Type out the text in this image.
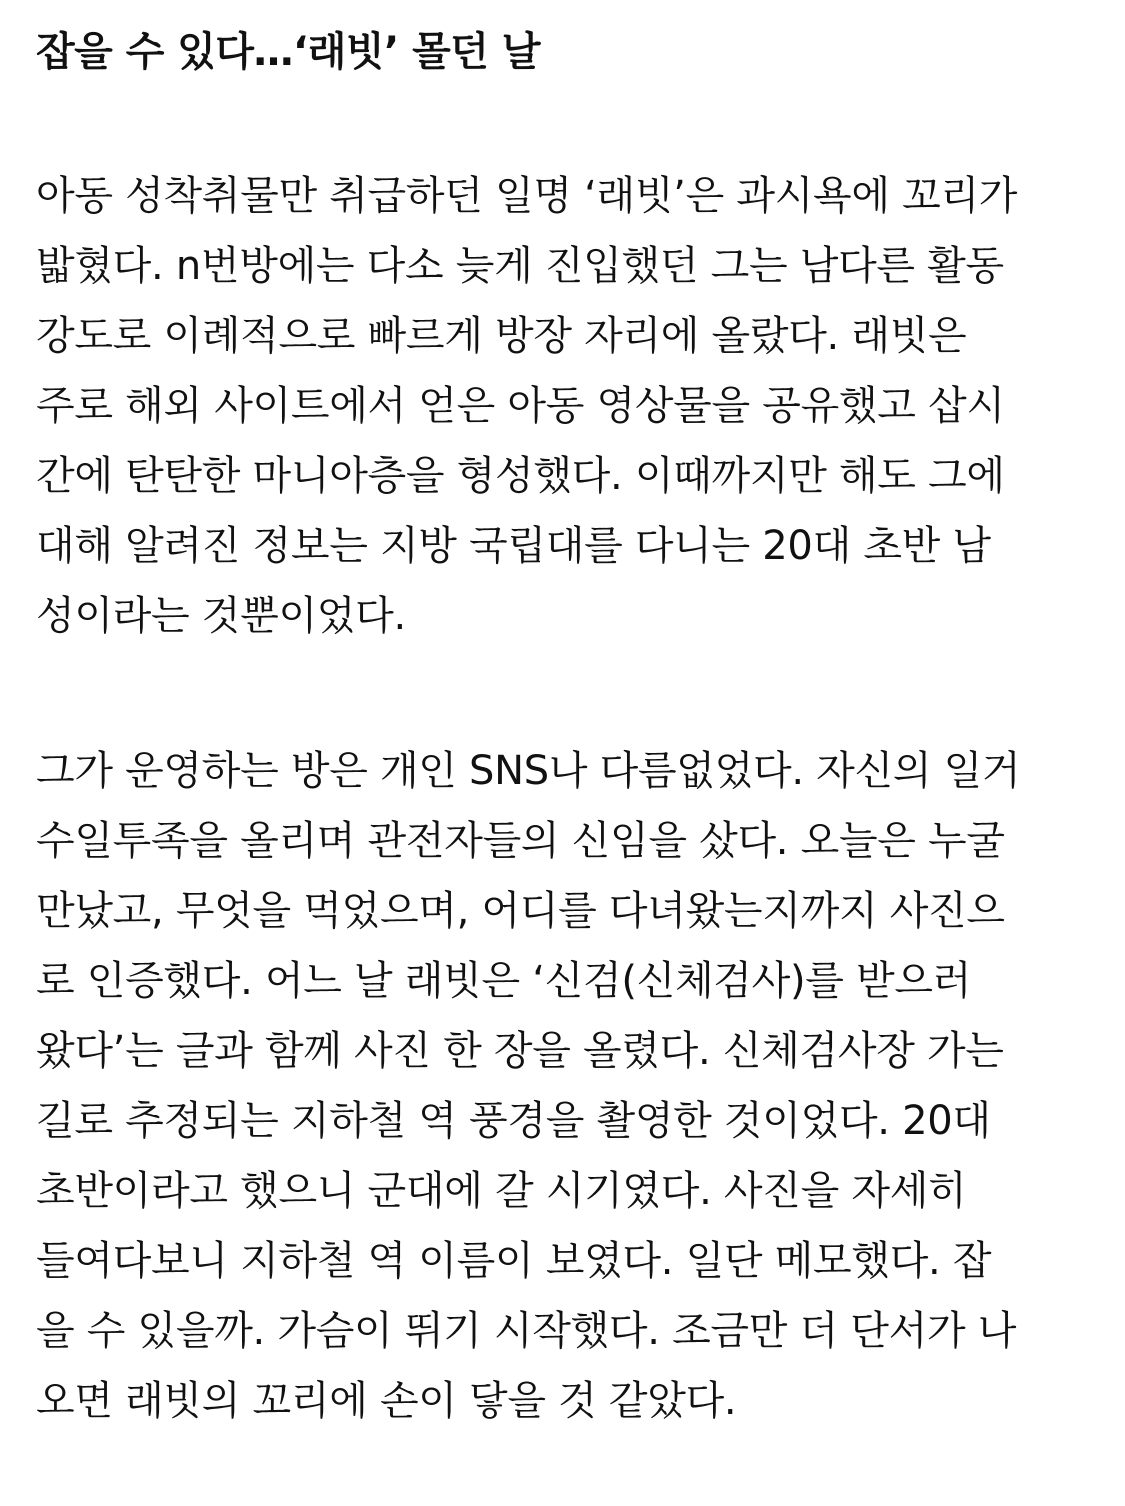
잡을 수 있다…‘래빗’ 몰던 날

아동 성착취물만 취급하던 일명 ‘래빗’은 과시욕에 꼬리가

밟혔다. n번방에는 다소 늦게 진입했던 그는 남다른 활동

강도로 이례적으로 빠르게 방장 자리에 올랐다. 래빗은

주로 해외 사이트에서 얻은 아동 영상물을 공유했고 삽시

간에 탄탄한 마니아층을 형성했다. 이때까지만 해도 그에

대해 알려진 정보는 지방 국립대를 다니는 20대 초반 남

성이라는 것뿐이었다.

그가 운영하는 방은 개인 SNS나 다름없었다. 자신의 일거

수일투족을 올리며 관전자들의 신임을 샀다. 오늘은 누굴

만났고, 무엇을 먹었으며, 어디를 다녀왔는지까지 사진으

로 인증했다. 어느 날 래빗은 ‘신검(신체검사)를 받으러

왔다’는 글과 함께 사진 한 장을 올렸다. 신체검사장 가는

길로 추정되는 지하철 역 풍경을 촬영한 것이었다. 20대

초반이라고 했으니 군대에 갈 시기였다. 사진을 자세히

들여다보니 지하철 역 이름이 보였다. 일단 메모했다. 잡

을 수 있을까. 가슴이 뛰기 시작했다. 조금만 더 단서가 나

오면 래빗의 꼬리에 손이 닿을 것 같았다.
